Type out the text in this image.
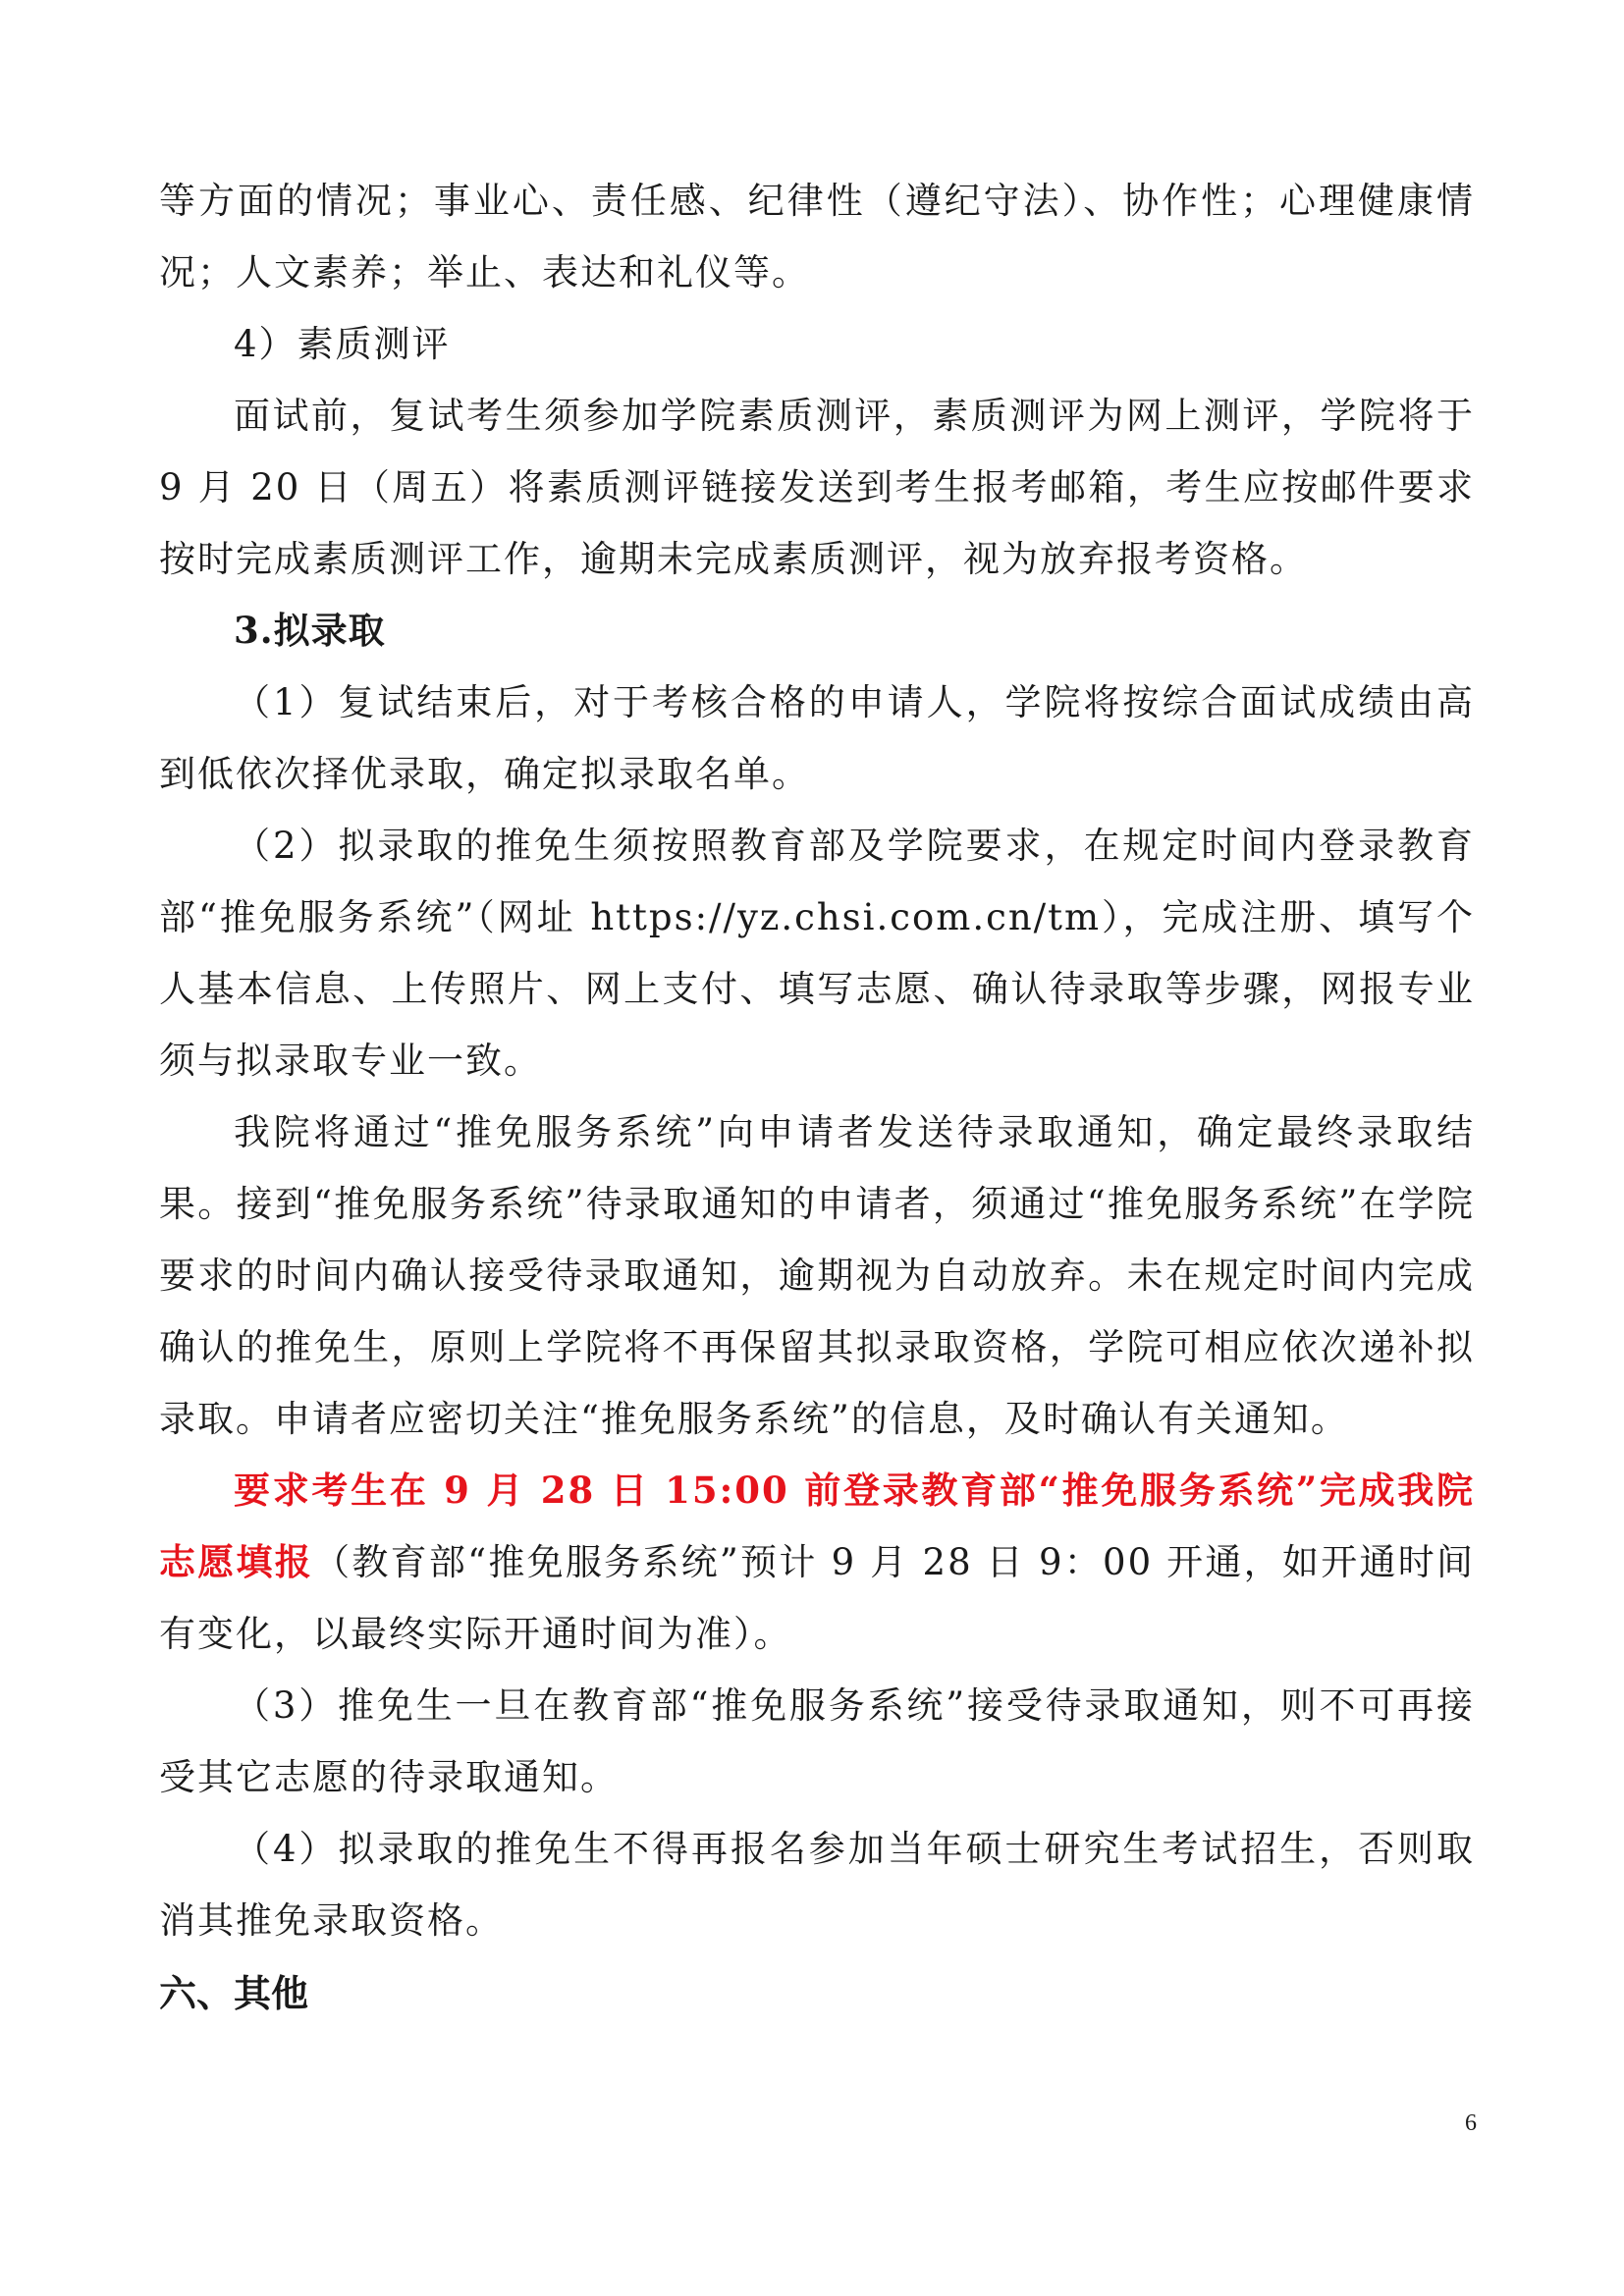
等方面的情况；事业心、责任感、纪律性（遵纪守法）、协作性；心理健康情况；人文素养；举止、表达和礼仪等。

4）素质测评

面试前，复试考生须参加学院素质测评，素质测评为网上测评，学院将于 9 月 20 日（周五）将素质测评链接发送到考生报考邮箱，考生应按邮件要求按时完成素质测评工作，逾期未完成素质测评，视为放弃报考资格。

3.拟录取

（1）复试结束后，对于考核合格的申请人，学院将按综合面试成绩由高到低依次择优录取，确定拟录取名单。

（2）拟录取的推免生须按照教育部及学院要求，在规定时间内登录教育部“推免服务系统”（网址 https://yz.chsi.com.cn/tm），完成注册、填写个人基本信息、上传照片、网上支付、填写志愿、确认待录取等步骤，网报专业须与拟录取专业一致。

我院将通过“推免服务系统”向申请者发送待录取通知，确定最终录取结果。接到“推免服务系统”待录取通知的申请者，须通过“推免服务系统”在学院要求的时间内确认接受待录取通知，逾期视为自动放弃。未在规定时间内完成确认的推免生，原则上学院将不再保留其拟录取资格，学院可相应依次递补拟录取。申请者应密切关注“推免服务系统”的信息，及时确认有关通知。

要求考生在 9 月 28 日 15:00 前登录教育部“推免服务系统”完成我院志愿填报（教育部“推免服务系统”预计 9 月 28 日 9：00 开通，如开通时间有变化，以最终实际开通时间为准）。

（3）推免生一旦在教育部“推免服务系统”接受待录取通知，则不可再接受其它志愿的待录取通知。

（4）拟录取的推免生不得再报名参加当年硕士研究生考试招生，否则取消其推免录取资格。

六、其他

6
